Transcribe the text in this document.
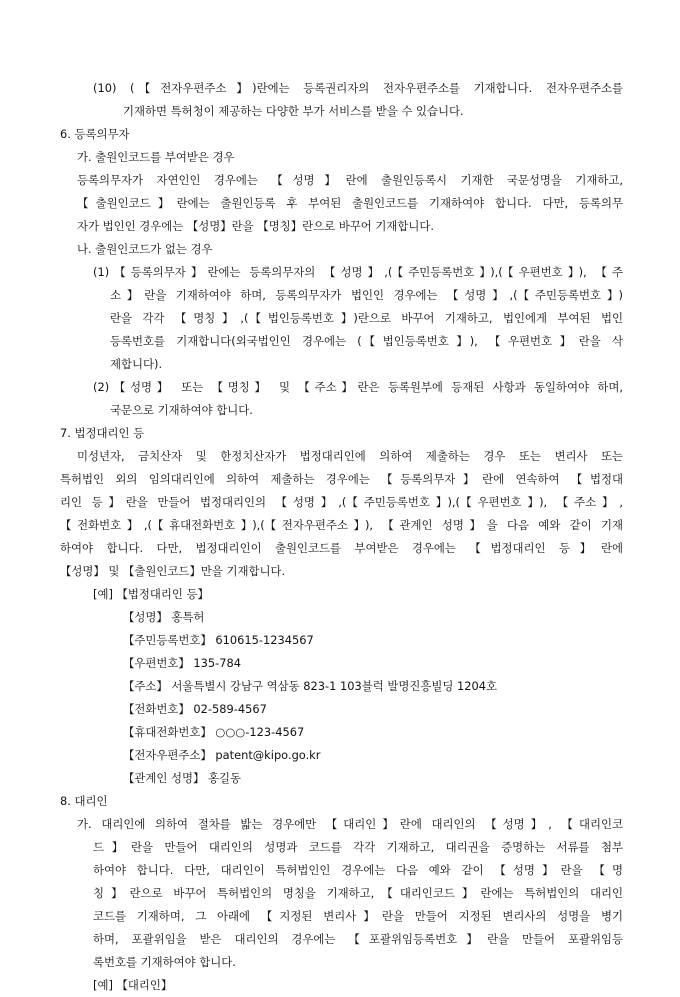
(10) (【전자우편주소】)란에는 등록권리자의 전자우편주소를 기재합니다. 전자우편주소를
기재하면 특허청이 제공하는 다양한 부가 서비스를 받을 수 있습니다.
6. 등록의무자
가. 출원인코드를 부여받은 경우
등록의무자가 자연인인 경우에는 【성명】란에 출원인등록시 기재한 국문성명을 기재하고,
【출원인코드】란에는 출원인등록 후 부여된 출원인코드를 기재하여야 합니다. 다만, 등록의무
자가 법인인 경우에는 【성명】란을 【명칭】란으로 바꾸어 기재합니다.
나. 출원인코드가 없는 경우
(1)【등록의무자】란에는 등록의무자의 【성명】,(【주민등록번호】),(【우편번호】), 【주
소】란을 기재하여야 하며, 등록의무자가 법인인 경우에는 【성명】,(【주민등록번호】)
란을 각각 【명칭】,(【법인등록번호】)란으로 바꾸어 기재하고, 법인에게 부여된 법인
등록번호를 기재합니다(외국법인인 경우에는 (【법인등록번호】), 【우편번호】란을 삭
제합니다).
(2)【성명】 또는 【명칭】 및 【주소】란은 등록원부에 등재된 사항과 동일하여야 하며,
국문으로 기재하여야 합니다.
7. 법정대리인 등
미성년자, 금치산자 및 한정치산자가 법정대리인에 의하여 제출하는 경우 또는 변리사 또는
특허법인 외의 임의대리인에 의하여 제출하는 경우에는 【등록의무자】란에 연속하여 【법정대
리인 등】란을 만들어 법정대리인의 【성명】,(【주민등록번호】),(【우편번호】), 【주소】,
【전화번호】,(【휴대전화번호】),(【전자우편주소】), 【관계인 성명】을 다음 예와 같이 기재
하여야 합니다. 다만, 법정대리인이 출원인코드를 부여받은 경우에는 【법정대리인 등】란에
【성명】 및 【출원인코드】만을 기재합니다.
[예] 【법정대리인 등】
【성명】 홍특허
【주민등록번호】 610615-1234567
【우편번호】 135-784
【주소】 서울특별시 강남구 역삼동 823-1 103블럭 발명진흥빌딩 1204호
【전화번호】 02-589-4567
【휴대전화번호】 ○○○-123-4567
【전자우편주소】 patent@kipo.go.kr
【관계인 성명】 홍길동
8. 대리인
가. 대리인에 의하여 절차를 밟는 경우에만 【대리인】란에 대리인의 【성명】, 【대리인코
드】란을 만들어 대리인의 성명과 코드를 각각 기재하고, 대리권을 증명하는 서류를 첨부
하여야 합니다. 다만, 대리인이 특허법인인 경우에는 다음 예와 같이 【성명】란을 【명
칭】란으로 바꾸어 특허법인의 명칭을 기재하고,【대리인코드】란에는 특허법인의 대리인
코드를 기재하며, 그 아래에 【지정된 변리사】란을 만들어 지정된 변리사의 성명을 병기
하며, 포괄위임을 받은 대리인의 경우에는 【포괄위임등록번호】란을 만들어 포괄위임등
록번호를 기재하여야 합니다.
[예] 【대리인】
